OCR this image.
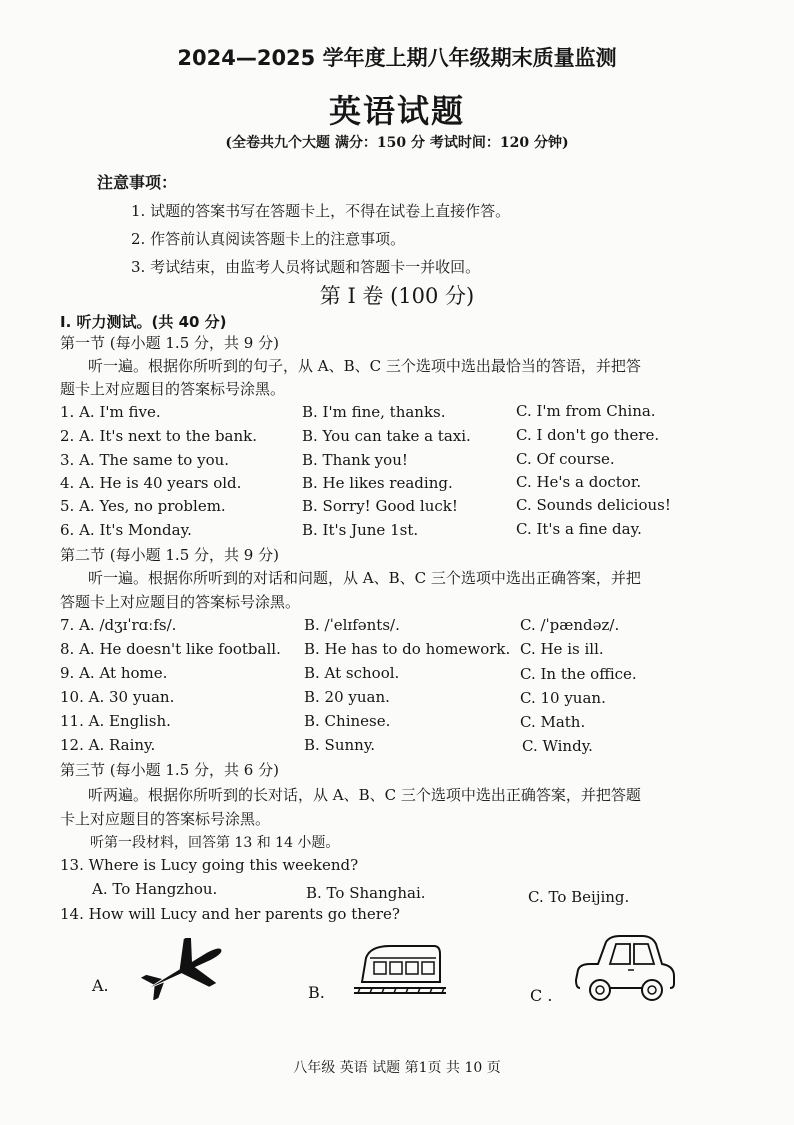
2024—2025 学年度上期八年级期末质量监测
英语试题
(全卷共九个大题 满分：150 分 考试时间：120 分钟)
注意事项：
1. 试题的答案书写在答题卡上，不得在试卷上直接作答。
2. 作答前认真阅读答题卡上的注意事项。
3. 考试结束，由监考人员将试题和答题卡一并收回。
第 I 卷 (100 分)
I. 听力测试。(共 40 分)
第一节 (每小题 1.5 分，共 9 分)
听一遍。根据你所听到的句子，从 A、B、C 三个选项中选出最恰当的答语，并把答
题卡上对应题目的答案标号涂黑。
1. A. I'm five.	B. I'm fine, thanks.	C. I'm from China.
2. A. It's next to the bank.	B. You can take a taxi.	C. I don't go there.
3. A. The same to you.	B. Thank you!	C. Of course.
4. A. He is 40 years old.	B. He likes reading.	C. He's a doctor.
5. A. Yes, no problem.	B. Sorry! Good luck!	C. Sounds delicious!
6. A. It's Monday.	B. It's June 1st.	C. It's a fine day.
第二节 (每小题 1.5 分，共 9 分)
听一遍。根据你所听到的对话和问题，从 A、B、C 三个选项中选出正确答案，并把
答题卡上对应题目的答案标号涂黑。
7. A. /dʒɪˈrɑːfs/.	B. /ˈelɪfənts/.	C. /ˈpændəz/.
8. A. He doesn't like football. B. He has to do homework. C. He is ill.
9. A. At home.	B. At school.	C. In the office.
10. A. 30 yuan.	B. 20 yuan.	C. 10 yuan.
11. A. English.	B. Chinese.	C. Math.
12. A. Rainy.	B. Sunny.	C. Windy.
第三节 (每小题 1.5 分，共 6 分)
听两遍。根据你所听到的长对话，从 A、B、C 三个选项中选出正确答案，并把答题
卡上对应题目的答案标号涂黑。
听第一段材料，回答第 13 和 14 小题。
13. Where is Lucy going this weekend?
A. To Hangzhou.	B. To Shanghai.	C. To Beijing.
14. How will Lucy and her parents go there?
A.	B.	C .
八年级 英语 试题 第1页 共 10 页
